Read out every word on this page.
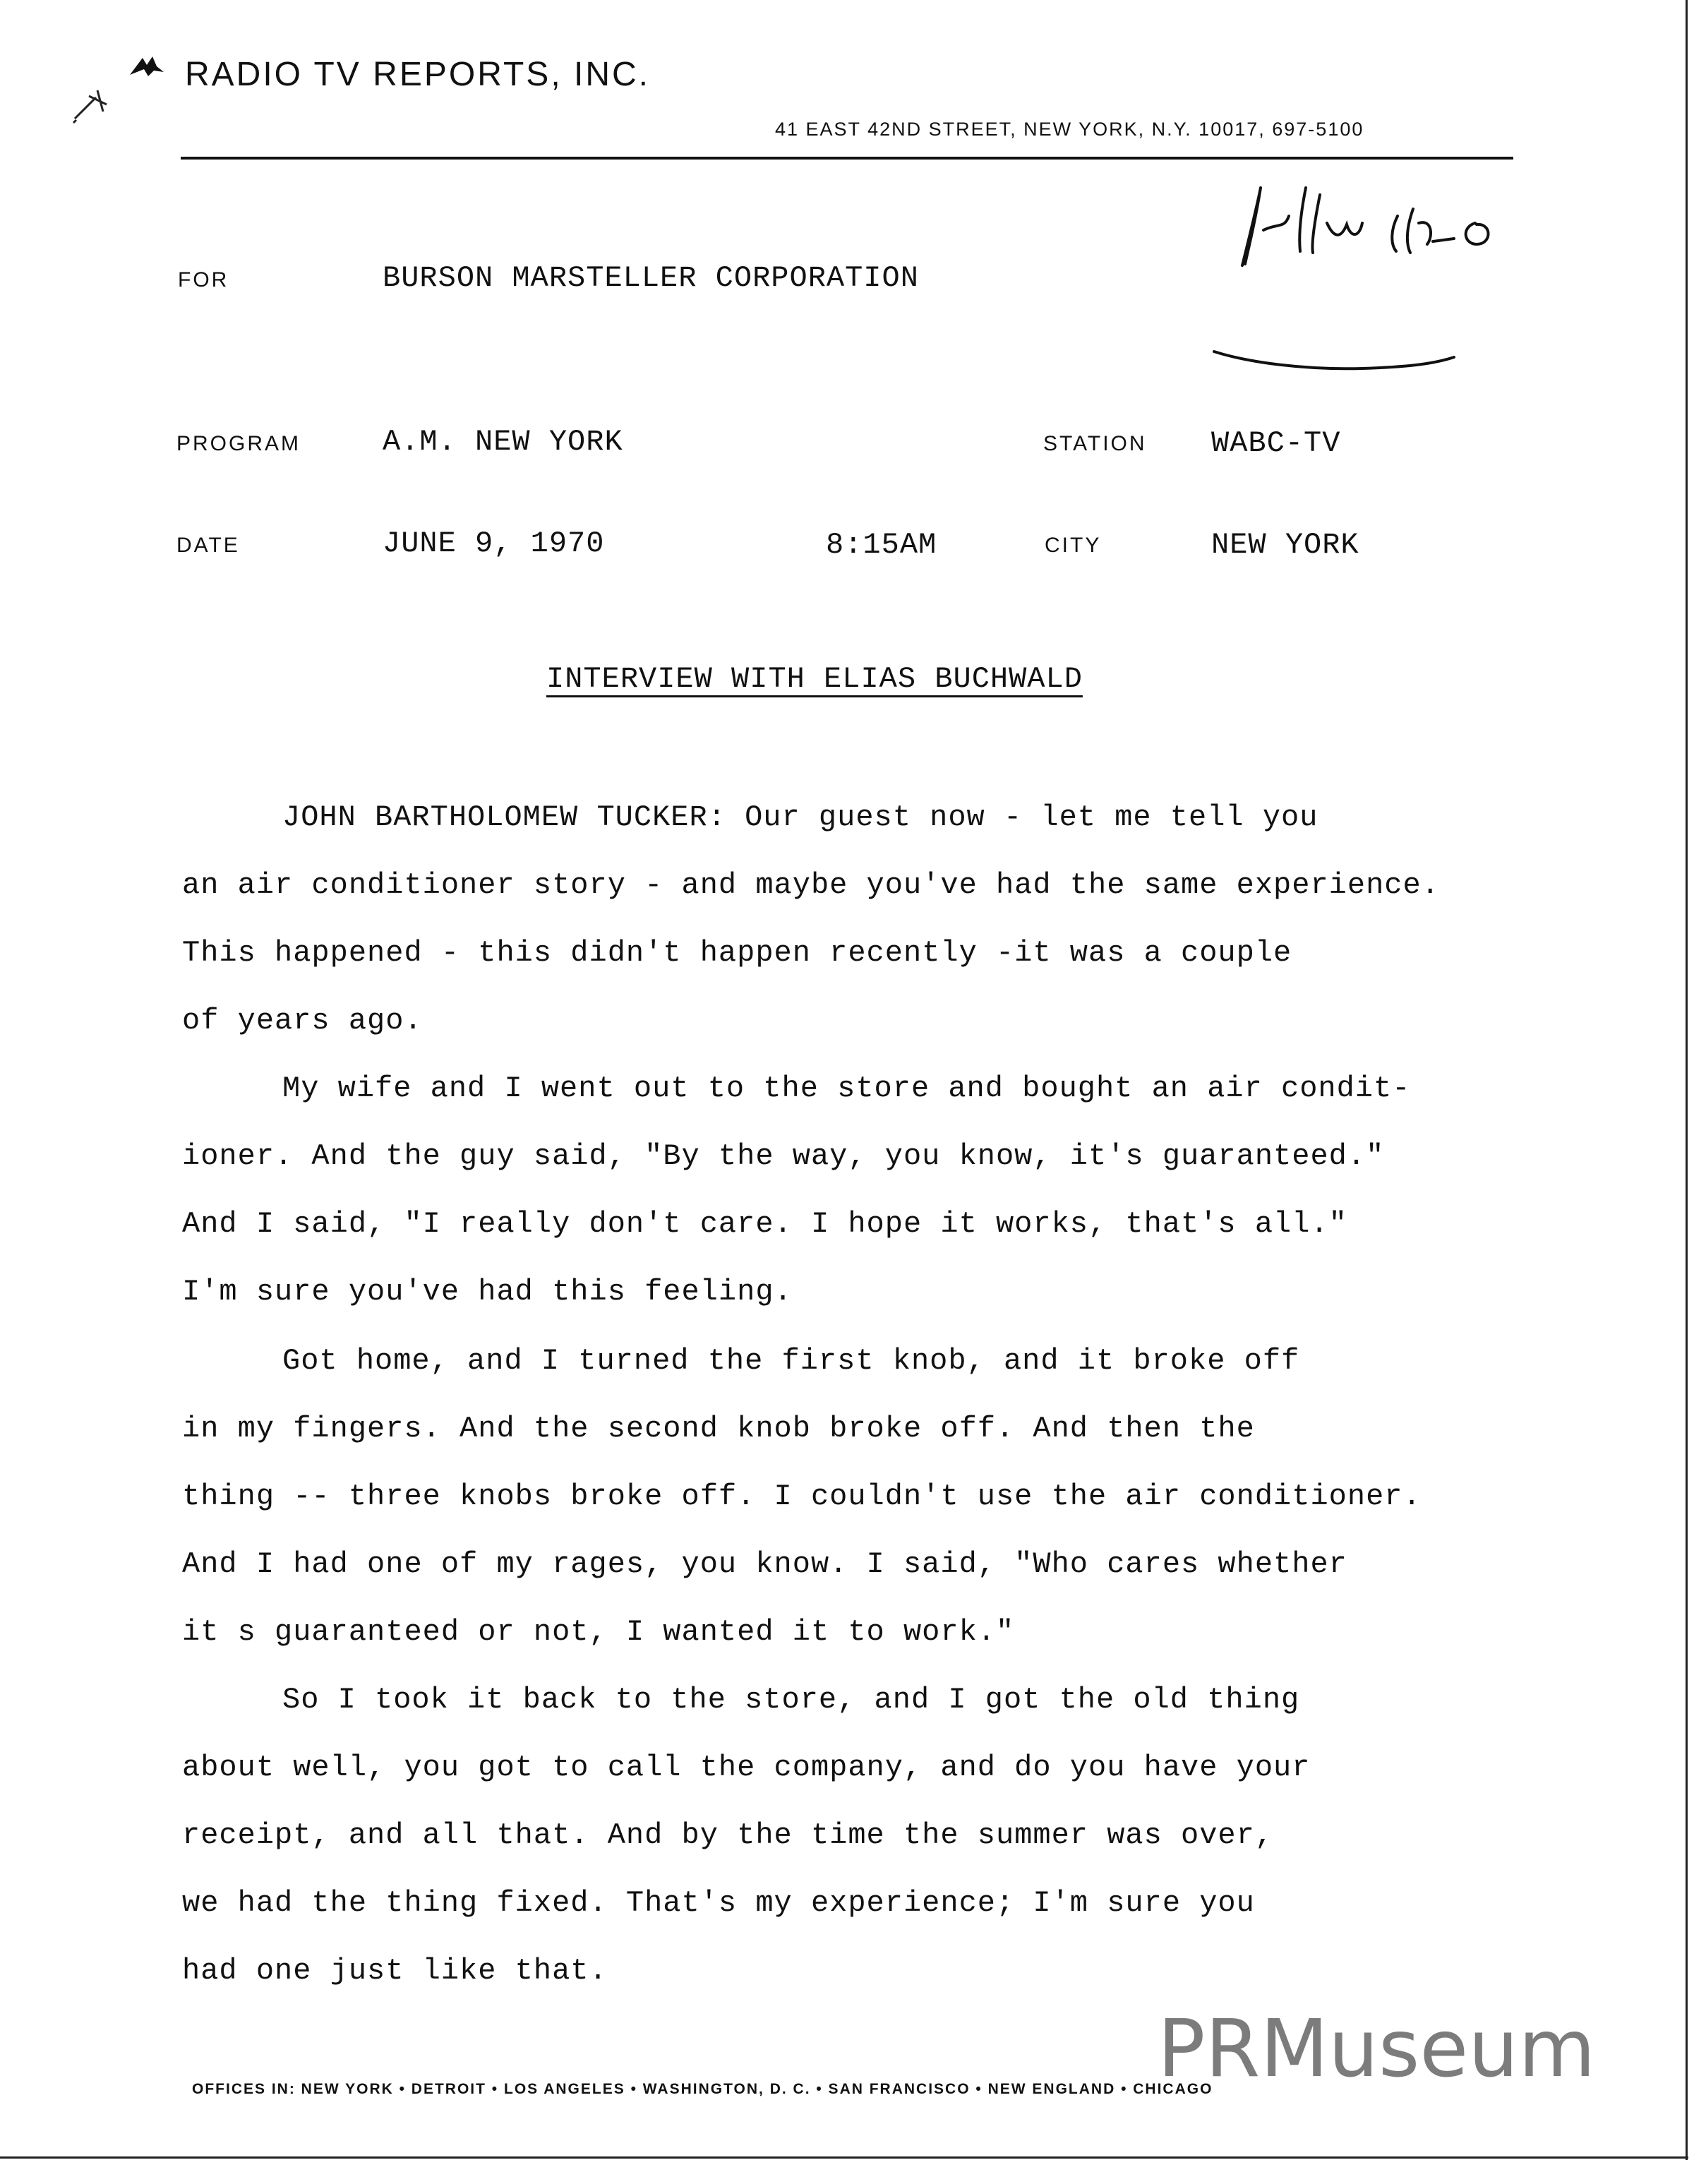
RADIO TV REPORTS, INC.
41 EAST 42ND STREET, NEW YORK, N.Y. 10017, 697-5100
FOR	BURSON MARSTELLER CORPORATION
PROGRAM	A.M. NEW YORK	STATION WABC-TV
DATE	JUNE 9, 1970	8:15AM	CITY	NEW YORK
INTERVIEW WITH ELIAS BUCHWALD
JOHN BARTHOLOMEW TUCKER: Our guest now - let me tell you
an air conditioner story - and maybe you've had the same experience.
This happened - this didn't happen recently -it was a couple
of years ago.
My wife and I went out to the store and bought an air condit-
ioner. And the guy said, "By the way, you know, it's guaranteed."
And I said, "I really don't care. I hope it works, that's all."
I'm sure you've had this feeling.
Got home, and I turned the first knob, and it broke off
in my fingers. And the second knob broke off. And then the
thing -- three knobs broke off. I couldn't use the air conditioner.
And I had one of my rages, you know. I said, "Who cares whether
it s guaranteed or not, I wanted it to work."
So I took it back to the store, and I got the old thing
about well, you got to call the company, and do you have your
receipt, and all that. And by the time the summer was over,
we had the thing fixed. That's my experience; I'm sure you
had one just like that.
PRMuseum
OFFICES IN: NEW YORK • DETROIT • LOS ANGELES • WASHINGTON, D. C. • SAN FRANCISCO • NEW ENGLAND • CHICAGO
